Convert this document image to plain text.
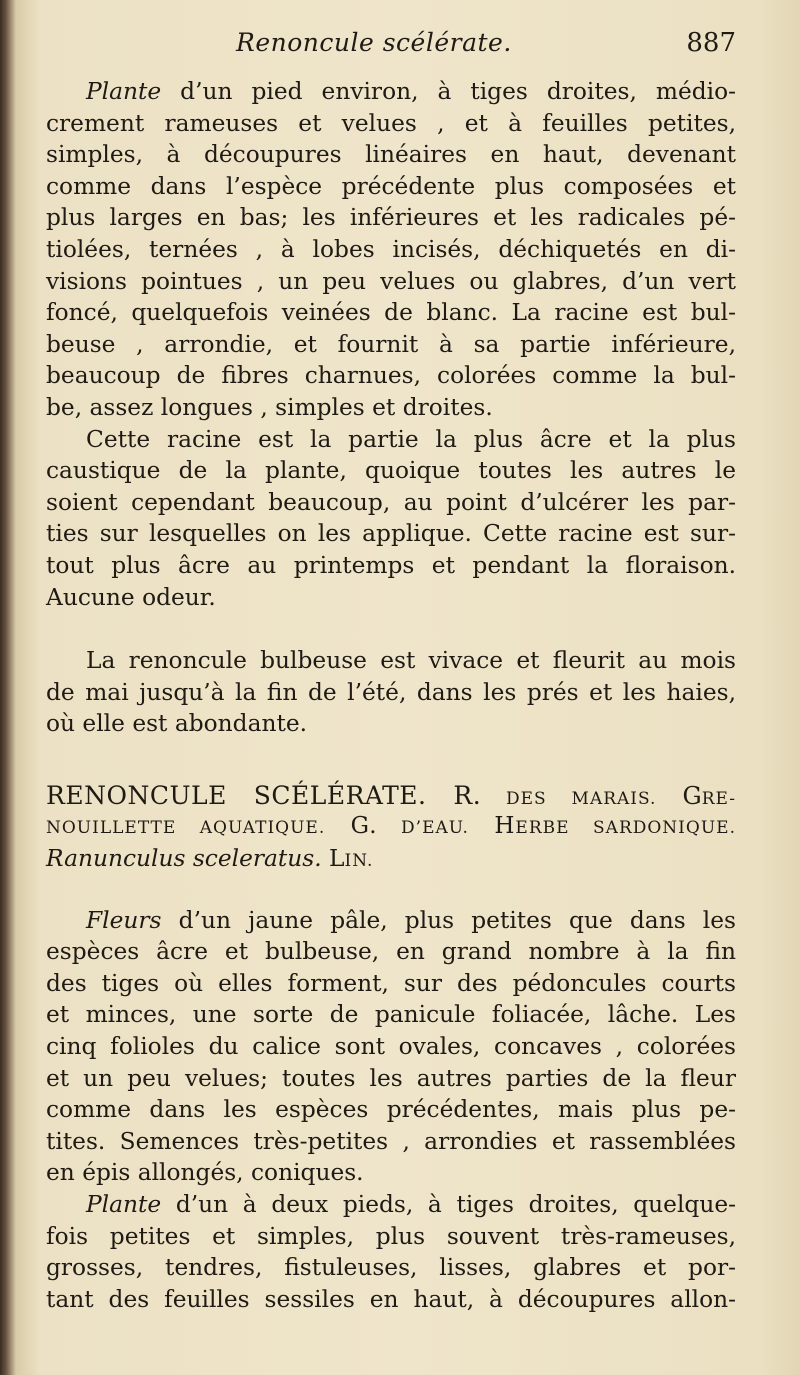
Renoncule scélérate.	887
Plante d’un pied environ, à tiges droites, médio-
crement rameuses et velues , et à feuilles petites,
simples, à découpures linéaires en haut, devenant
comme dans l’espèce précédente plus composées et
plus larges en bas; les inférieures et les radicales pé-
tiolées, ternées , à lobes incisés, déchiquetés en di-
visions pointues , un peu velues ou glabres, d’un vert
foncé, quelquefois veinées de blanc. La racine est bul-
beuse , arrondie, et fournit à sa partie inférieure,
beaucoup de fibres charnues, colorées comme la bul-
be, assez longues , simples et droites.
Cette racine est la partie la plus âcre et la plus
caustique de la plante, quoique toutes les autres le
soient cependant beaucoup, au point d’ulcérer les par-
ties sur lesquelles on les applique. Cette racine est sur-
tout plus âcre au printemps et pendant la floraison.
Aucune odeur.
La renoncule bulbeuse est vivace et fleurit au mois
de mai jusqu’à la fin de l’été, dans les prés et les haies,
où elle est abondante.
RENONCULE SCÉLÉRATE. R. DES MARAIS. GRE-
NOUILLETTE AQUATIQUE. G. D’EAU. HERBE SARDONIQUE.
Ranunculus sceleratus. LIN.
Fleurs d’un jaune pâle, plus petites que dans les
espèces âcre et bulbeuse, en grand nombre à la fin
des tiges où elles forment, sur des pédoncules courts
et minces, une sorte de panicule foliacée, lâche. Les
cinq folioles du calice sont ovales, concaves , colorées
et un peu velues; toutes les autres parties de la fleur
comme dans les espèces précédentes, mais plus pe-
tites. Semences très-petites , arrondies et rassemblées
en épis allongés, coniques.
Plante d’un à deux pieds, à tiges droites, quelque-
fois petites et simples, plus souvent très-rameuses,
grosses, tendres, fistuleuses, lisses, glabres et por-
tant des feuilles sessiles en haut, à découpures allon-
